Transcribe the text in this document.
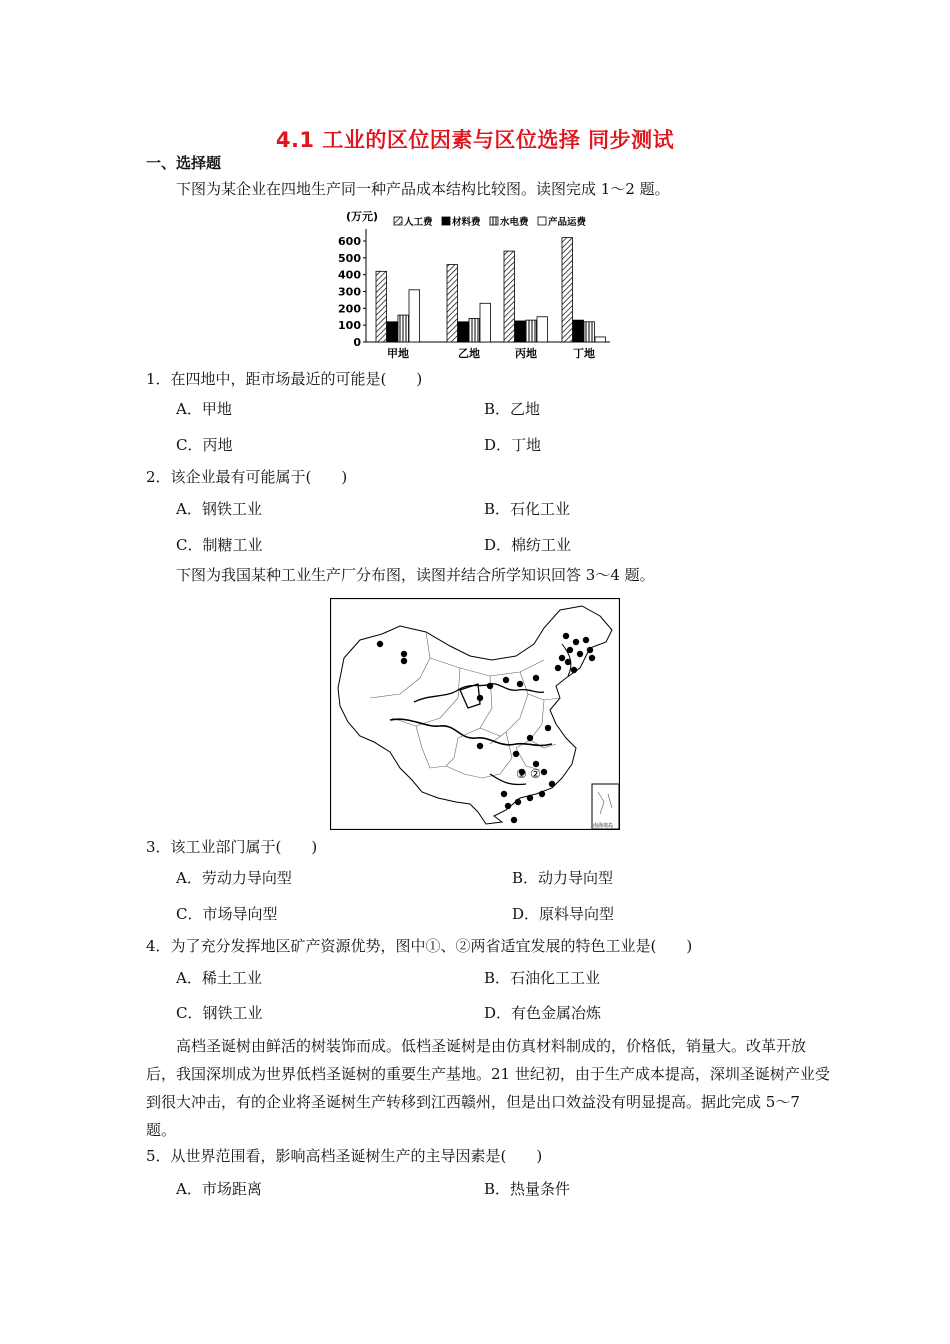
4.1 工业的区位因素与区位选择 同步测试
一、选择题
下图为某企业在四地生产同一种产品成本结构比较图。读图完成 1～2 题。
(万元)
0
100
200
300
400
500
600
人工费 材料费 水电费 产品运费
甲地	乙地	丙地	丁地
1．在四地中，距市场最近的可能是(　　)
A．甲地	B．乙地
C．丙地	D．丁地
2．该企业最有可能属于(　　)
A．钢铁工业	B．石化工业
C．制糖工业	D．棉纺工业
下图为我国某种工业生产厂分布图，读图并结合所学知识回答 3～4 题。
① ②
南海诸岛
3．该工业部门属于(　　)
A．劳动力导向型	B．动力导向型
C．市场导向型	D．原料导向型
4．为了充分发挥地区矿产资源优势，图中①、②两省适宜发展的特色工业是(　　)
A．稀土工业	B．石油化工工业
C．钢铁工业	D．有色金属冶炼
高档圣诞树由鲜活的树装饰而成。低档圣诞树是由仿真材料制成的，价格低，销量大。改革开放后，我国深圳成为世界低档圣诞树的重要生产基地。21 世纪初，由于生产成本提高，深圳圣诞树产业受到很大冲击，有的企业将圣诞树生产转移到江西赣州，但是出口效益没有明显提高。据此完成 5～7 题。
5．从世界范围看，影响高档圣诞树生产的主导因素是(　　)
A．市场距离	B．热量条件
